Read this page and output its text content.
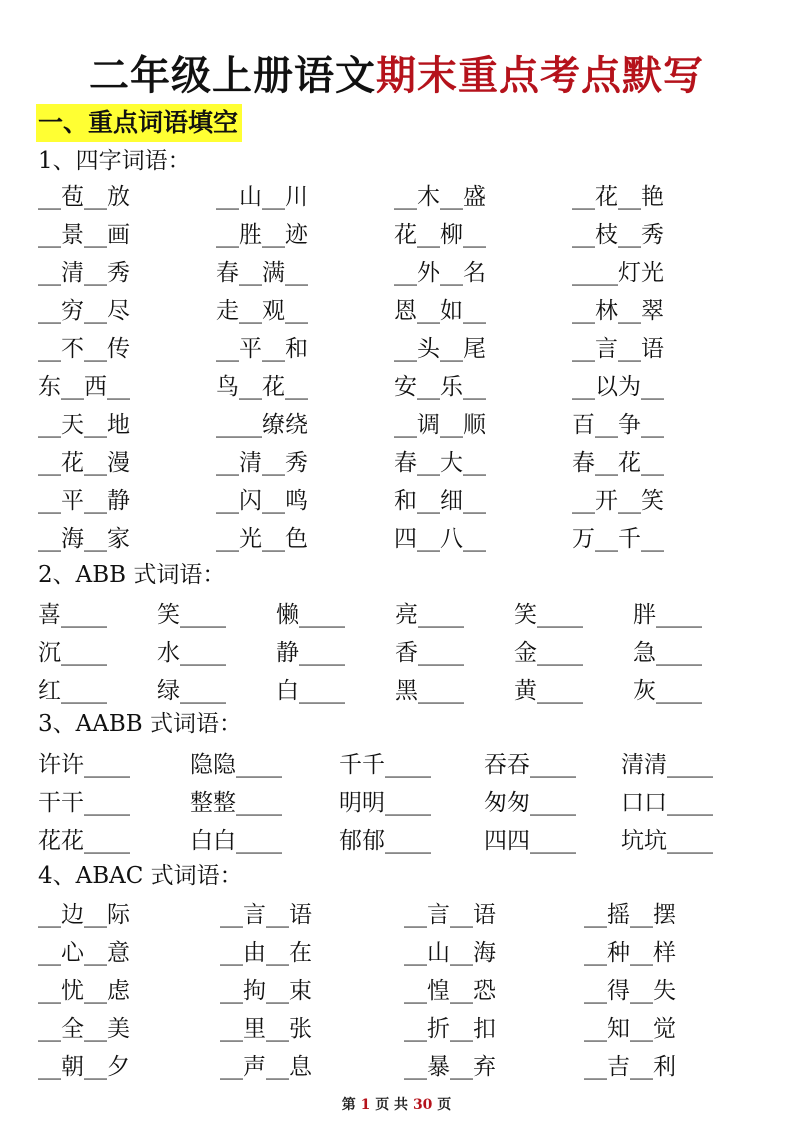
二年级上册语文期末重点考点默写
一、重点词语填空
1、四字词语：
__苞__放	__山__川	__木__盛	__花__艳
__景__画	__胜__迹	花__柳__	__枝__秀
__清__秀	春__满__	__外__名	____灯光
__穷__尽	走__观__	恩__如__	__林__翠
__不__传	__平__和	__头__尾	__言__语
东__西__	鸟__花__	安__乐__	__以为__
__天__地	____缭绕	__调__顺	百__争__
__花__漫	__清__秀	春__大__	春__花__
__平__静	__闪__鸣	和__细__	__开__笑
__海__家	__光__色	四__八__	万__千__
2、ABB 式词语：
喜____	笑____	懒____	亮____	笑____	胖____
沉____	水____	静____	香____	金____	急____
红____	绿____	白____	黑____	黄____	灰____
3、AABB 式词语：
许许____	隐隐____	千千____	吞吞____	清清____
干干____	整整____	明明____	匆匆____	口口____
花花____	白白____	郁郁____	四四____	坑坑____
4、ABAC 式词语：
__边__际	__言__语	__言__语	__摇__摆
__心__意	__由__在	__山__海	__种__样
__忧__虑	__拘__束	__惶__恐	__得__失
__全__美	__里__张	__折__扣	__知__觉
__朝__夕	__声__息	__暴__弃	__吉__利
第 1 页 共 30 页
